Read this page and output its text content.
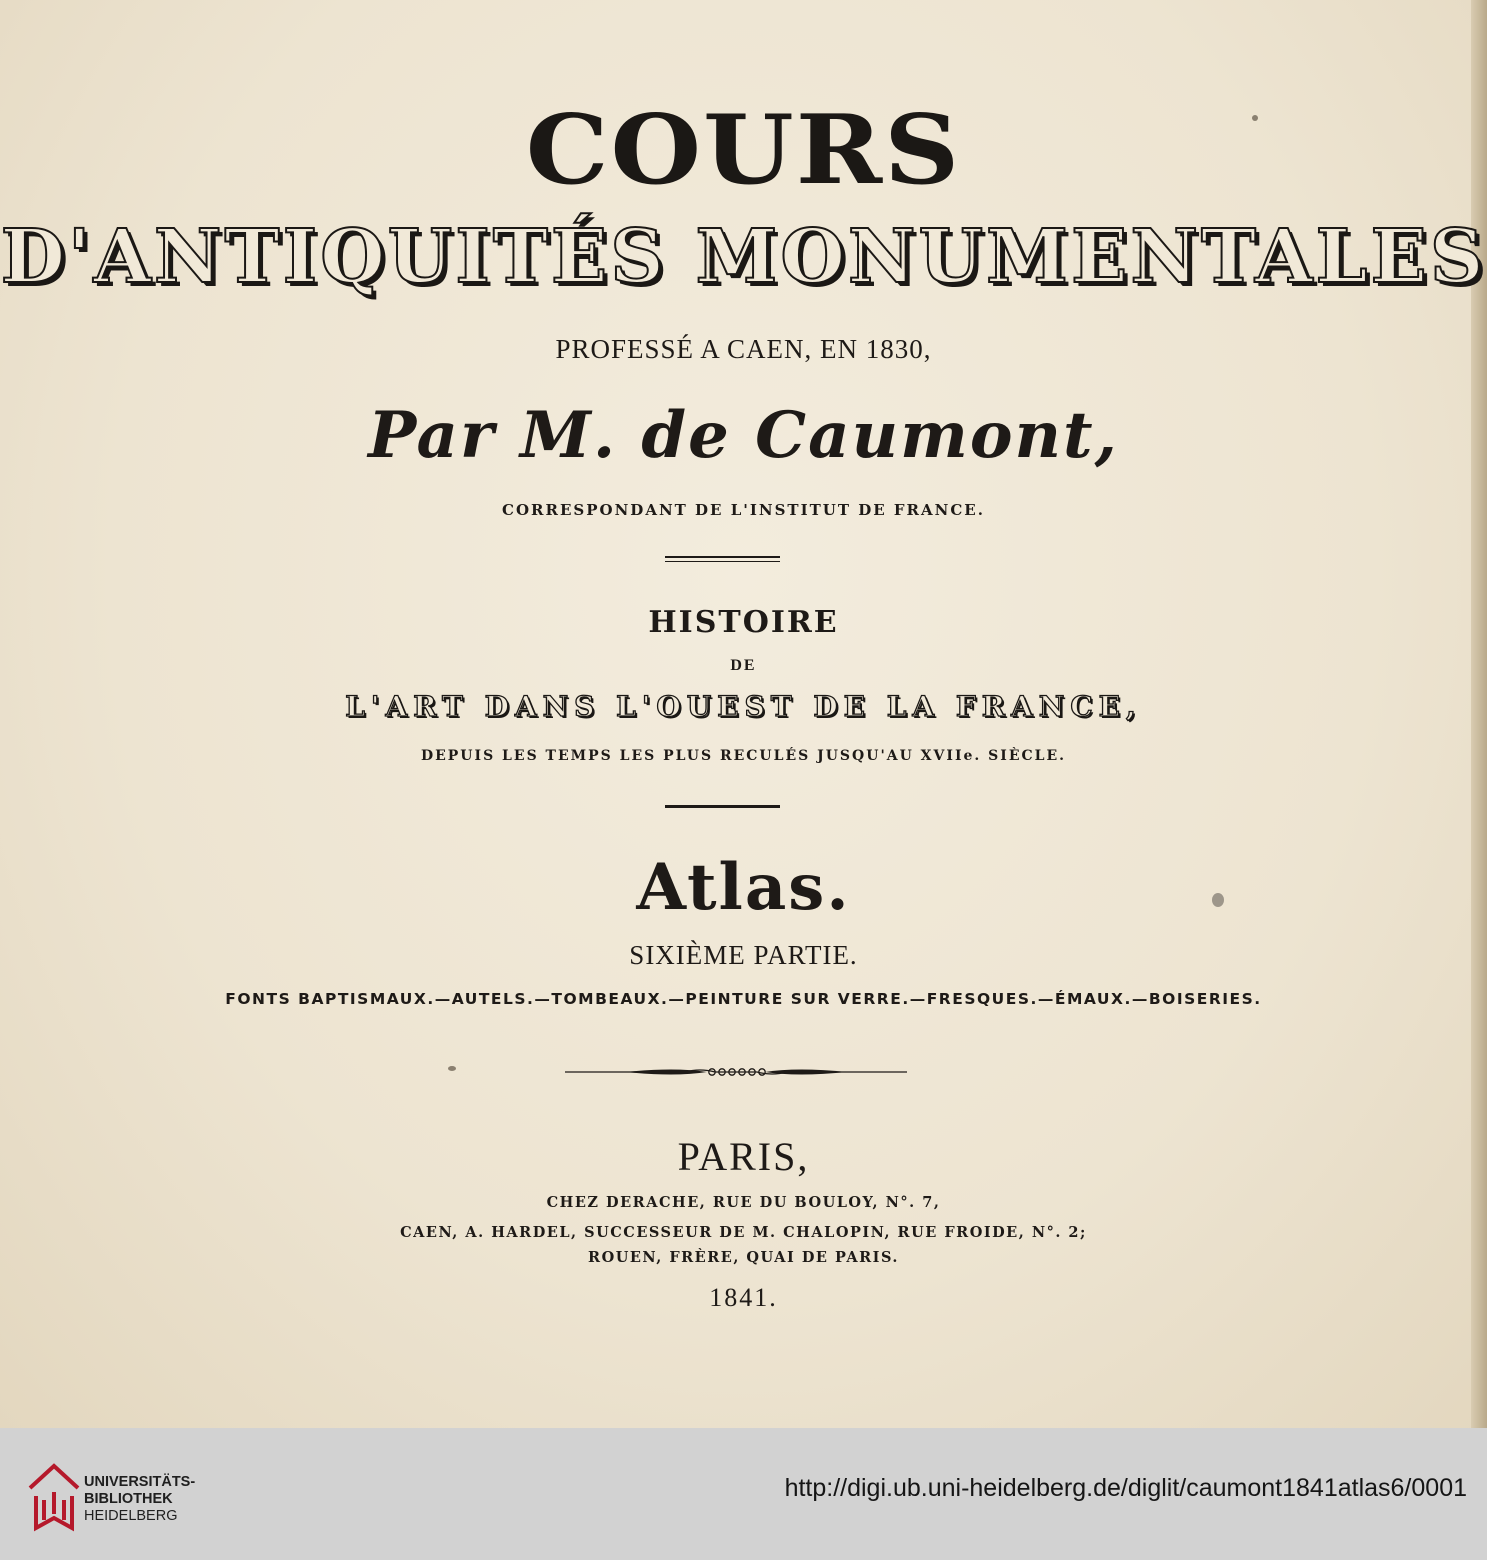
COURS
D'ANTIQUITÉS MONUMENTALES
PROFESSÉ A CAEN, EN 1830,
Par M. de Caumont,
CORRESPONDANT DE L'INSTITUT DE FRANCE.
HISTOIRE
DE
L'ART DANS L'OUEST DE LA FRANCE,
DEPUIS LES TEMPS LES PLUS RECULÉS JUSQU'AU XVIIe. SIÈCLE.
Atlas.
SIXIÈME PARTIE.
FONTS BAPTISMAUX.—AUTELS.—TOMBEAUX.—PEINTURE SUR VERRE.—FRESQUES.—ÉMAUX.—BOISERIES.
PARIS,
CHEZ DERACHE, RUE DU BOULOY, N°. 7,
CAEN, A. HARDEL, SUCCESSEUR DE M. CHALOPIN, RUE FROIDE, N°. 2;
ROUEN, FRÈRE, QUAI DE PARIS.
1841.
UNIVERSITÄTS-
BIBLIOTHEK
HEIDELBERG
http://digi.ub.uni-heidelberg.de/diglit/caumont1841atlas6/0001
